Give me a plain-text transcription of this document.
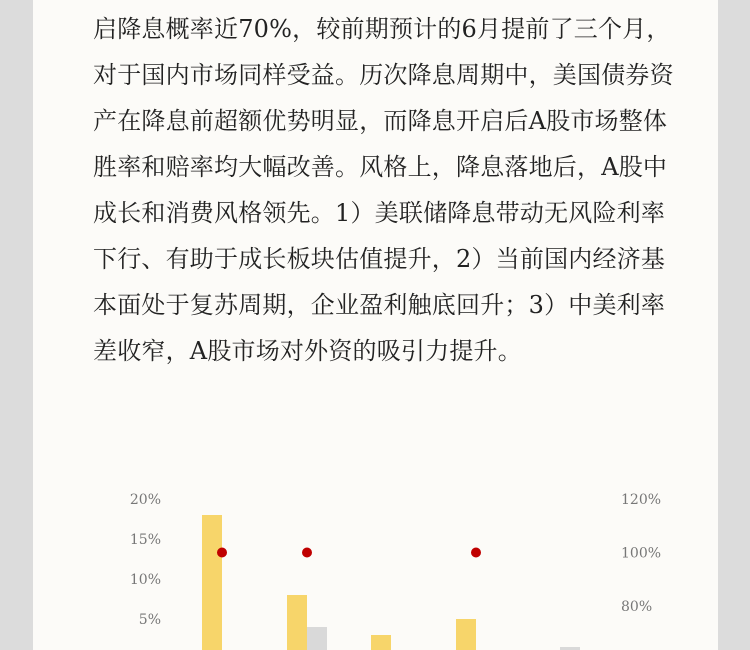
启降息概率近70%，较前期预计的6月提前了三个月，对于国内市场同样受益。历次降息周期中，美国债券资产在降息前超额优势明显，而降息开启后A股市场整体胜率和赔率均大幅改善。风格上，降息落地后，A股中成长和消费风格领先。1）美联储降息带动无风险利率下行、有助于成长板块估值提升，2）当前国内经济基本面处于复苏周期，企业盈利触底回升；3）中美利率差收窄，A股市场对外资的吸引力提升。

20%
15%
10%
5%
120%
100%
80%
